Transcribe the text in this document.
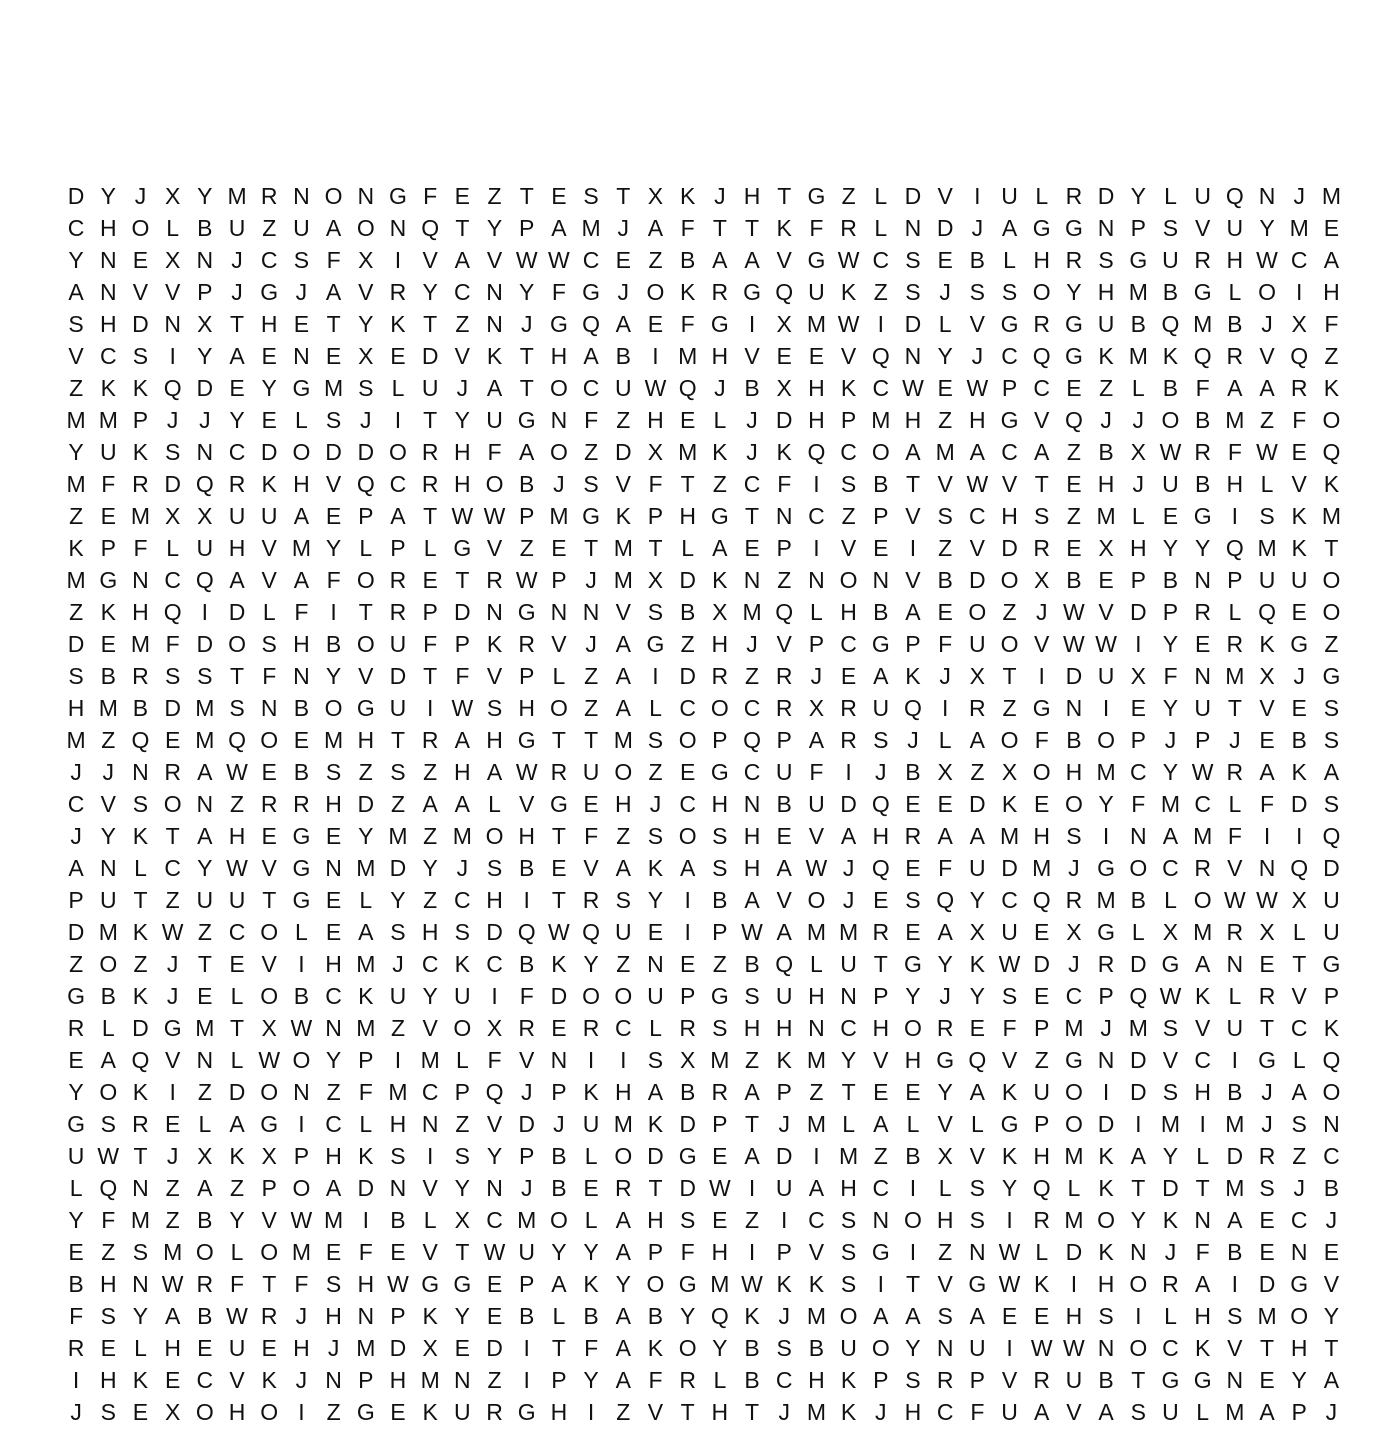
D Y J X Y M R N O N G F E Z T E S T X K J H T G Z L D V I U L R D Y L U Q N J M
C H O L B U Z U A O N Q T Y P A M J A F T T K F R L N D J A G G N P S V U Y M E
Y N E X N J C S F X I V A V W W C E Z B A A V G W C S E B L H R S G U R H W C A
A N V V P J G J A V R Y C N Y F G J O K R G Q U K Z S J S S O Y H M B G L O I H
S H D N X T H E T Y K T Z N J G Q A E F G I X M W I D L V G R G U B Q M B J X F
V C S I Y A E N E X E D V K T H A B I M H V E E V Q N Y J C Q G K M K Q R V Q Z
Z K K Q D E Y G M S L U J A T O C U W Q J B X H K C W E W P C E Z L B F A A R K
M M P J J Y E L S J	I T Y U G N F Z H E L J D H P M H Z H G V Q J J O B M Z F O
Y U K S N C D O D D O R H F A O Z D X M K J K Q C O A M A C A Z B X W R F W E Q
M F R D Q R K H V Q C R H O B J S V F T Z C F I S B T V W V T E H J U B H L V K
Z E M X X U U A E P A T W W P M G K P H G T N C Z P V S C H S Z M L E G I S K M
K P F L U H V M Y L P L G V Z E T M T L A E P I V E I Z V D R E X H Y Y Q M K T
M G N C Q A V A F O R E T R W P J M X D K N Z N O N V B D O X B E P B N P U U O
Z K H Q I D L F I T R P D N G N N V S B X M Q L H B A E O Z J W V D P R L Q E O
D E M F D O S H B O U F P K R V J A G Z H J V P C G P F U O V W W I Y E R K G Z
S B R S S T F N Y V D T F V P L Z A I D R Z R J E A K J X T I D U X F N M X J G
H M B D M S N B O G U I W S H O Z A L C O C R X R U Q I R Z G N I E Y U T V E S
M Z Q E M Q O E M H T R A H G T T M S O P Q P A R S J L A O F B O P J P J E B S
J J N R A W E B S Z S Z H A W R U O Z E G C U F I	J B X Z X O H M C Y W R A K A
C V S O N Z R R H D Z A A L V G E H J C H N B U D Q E E D K E O Y F M C L F D S
J Y K T A H E G E Y M Z M O H T F Z S O S H E V A H R A A M H S I N A M F I	I Q
A N L C Y W V G N M D Y J S B E V A K A S H A W J Q E F U D M J G O C R V N Q D
P U T Z U U T G E L Y Z C H I T R S Y I B A V O J E S Q Y C Q R M B L O W W X U
D M K W Z C O L E A S H S D Q W Q U E I P W A M M R E A X U E X G L X M R X L U
Z O Z J T E V I H M J C K C B K Y Z N E Z B Q L U T G Y K W D J R D G A N E T G
G B K J E L O B C K U Y U I F D O O U P G S U H N P Y J Y S E C P Q W K L R V P
R L D G M T X W N M Z V O X R E R C L R S H H N C H O R E F P M J M S V U T C K
E A Q V N L W O Y P I M L F V N I	I S X M Z K M Y V H G Q V Z G N D V C I G L Q
Y O K I Z D O N Z F M C P Q J P K H A B R A P Z T E E Y A K U O I D S H B J A O
G S R E L A G I C L H N Z V D J U M K D P T J M L A L V L G P O D I M I M J S N
U W T J X K X P H K S I S Y P B L O D G E A D I M Z B X V K H M K A Y L D R Z C
L Q N Z A Z P O A D N V Y N J B E R T D W I U A H C I L S Y Q L K T D T M S J B
Y F M Z B Y V W M I B L X C M O L A H S E Z I C S N O H S I R M O Y K N A E C J
E Z S M O L O M E F E V T W U Y Y A P F H I P V S G I Z N W L D K N J F B E N E
B H N W R F T F S H W G G E P A K Y O G M W K K S I T V G W K I H O R A I D G V
F S Y A B W R J H N P K Y E B L B A B Y Q K J M O A A S A E E H S I L H S M O Y
R E L H E U E H J M D X E D I T F A K O Y B S B U O Y N U I W W N O C K V T H T
I H K E C V K J N P H M N Z I P Y A F R L B C H K P S R P V R U B T G G N E Y A
J S E X O H O I Z G E K U R G H I Z V T H T J M K J H C F U A V A S U L M A P J
